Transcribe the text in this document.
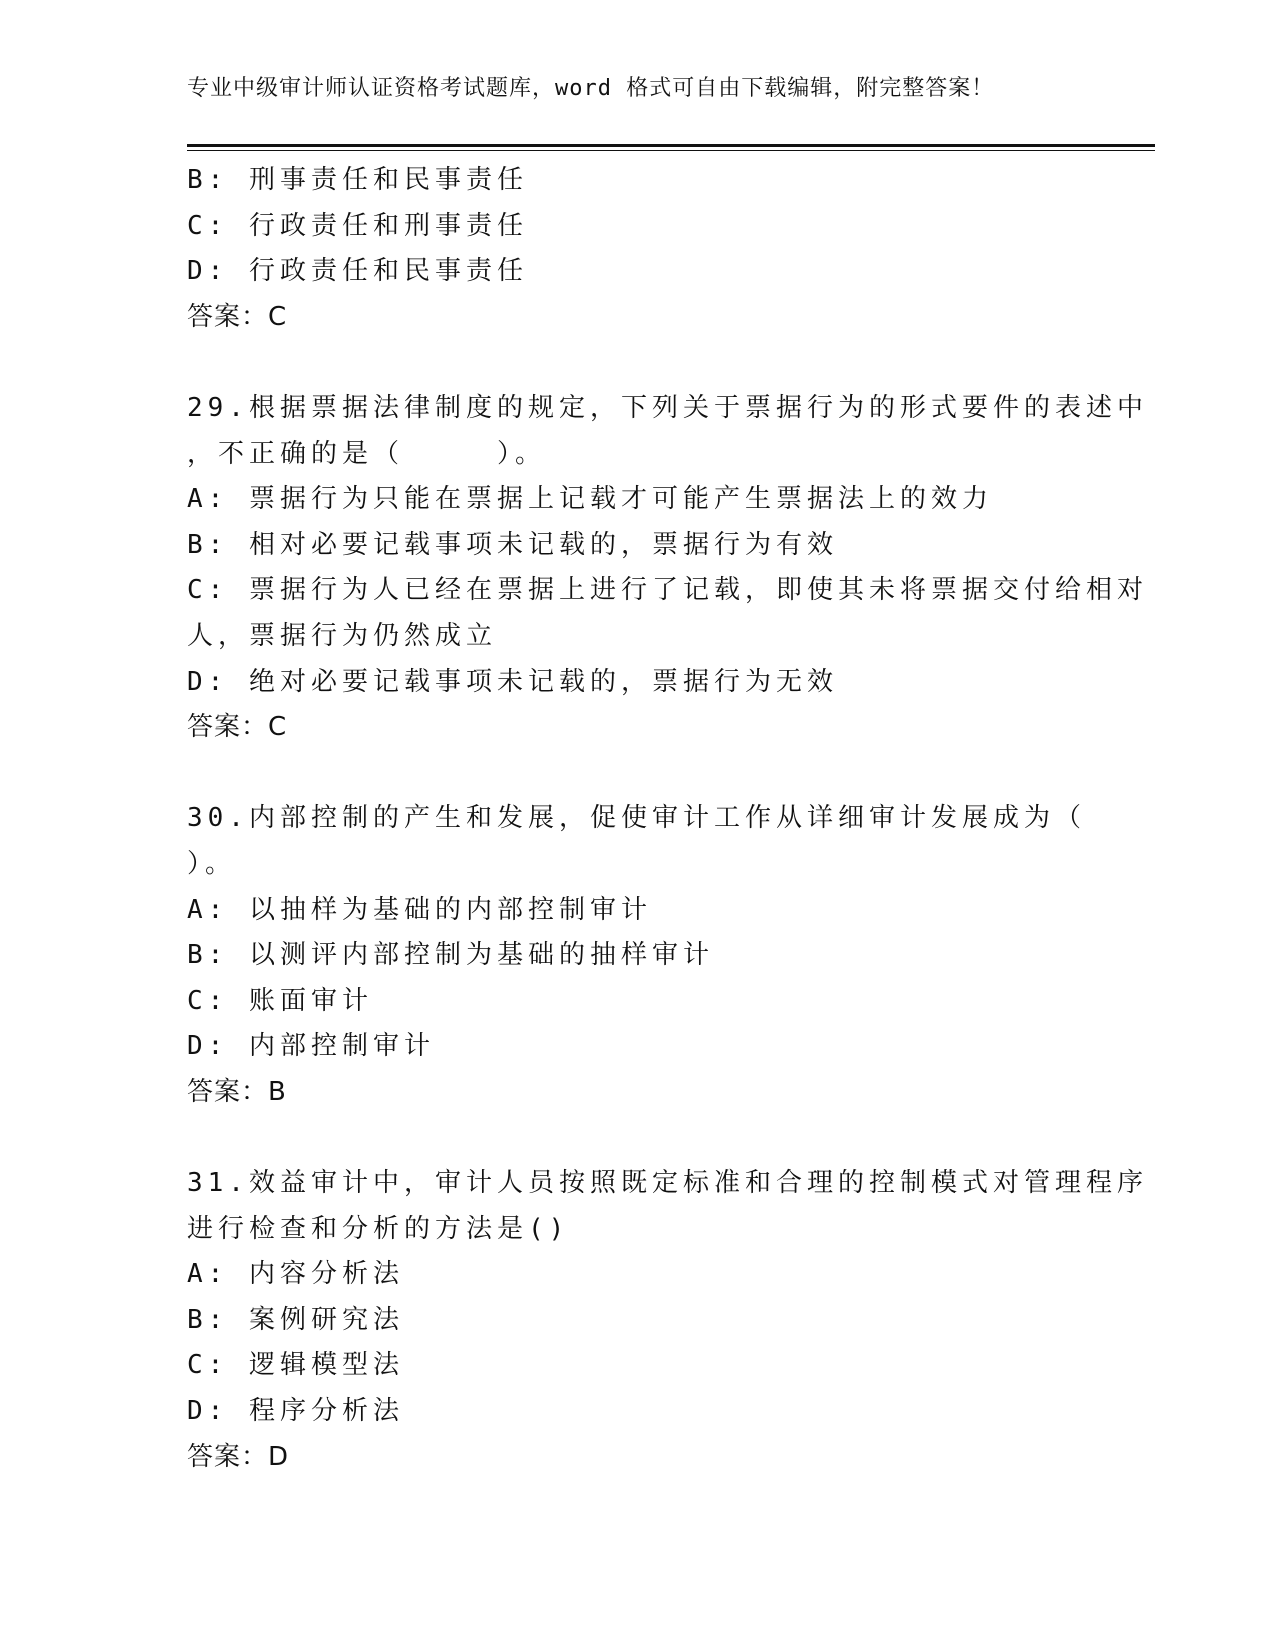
专业中级审计师认证资格考试题库，word 格式可自由下载编辑，附完整答案！
B: 刑事责任和民事责任
C: 行政责任和刑事责任
D: 行政责任和民事责任
答案：C
29.根据票据法律制度的规定，下列关于票据行为的形式要件的表述中
，不正确的是（　　　）。
A: 票据行为只能在票据上记载才可能产生票据法上的效力
B: 相对必要记载事项未记载的，票据行为有效
C: 票据行为人已经在票据上进行了记载，即使其未将票据交付给相对
人，票据行为仍然成立
D: 绝对必要记载事项未记载的，票据行为无效
答案：C
30.内部控制的产生和发展，促使审计工作从详细审计发展成为（
）。
A: 以抽样为基础的内部控制审计
B: 以测评内部控制为基础的抽样审计
C: 账面审计
D: 内部控制审计
答案：B
31.效益审计中，审计人员按照既定标准和合理的控制模式对管理程序
进行检查和分析的方法是()
A: 内容分析法
B: 案例研究法
C: 逻辑模型法
D: 程序分析法
答案：D
